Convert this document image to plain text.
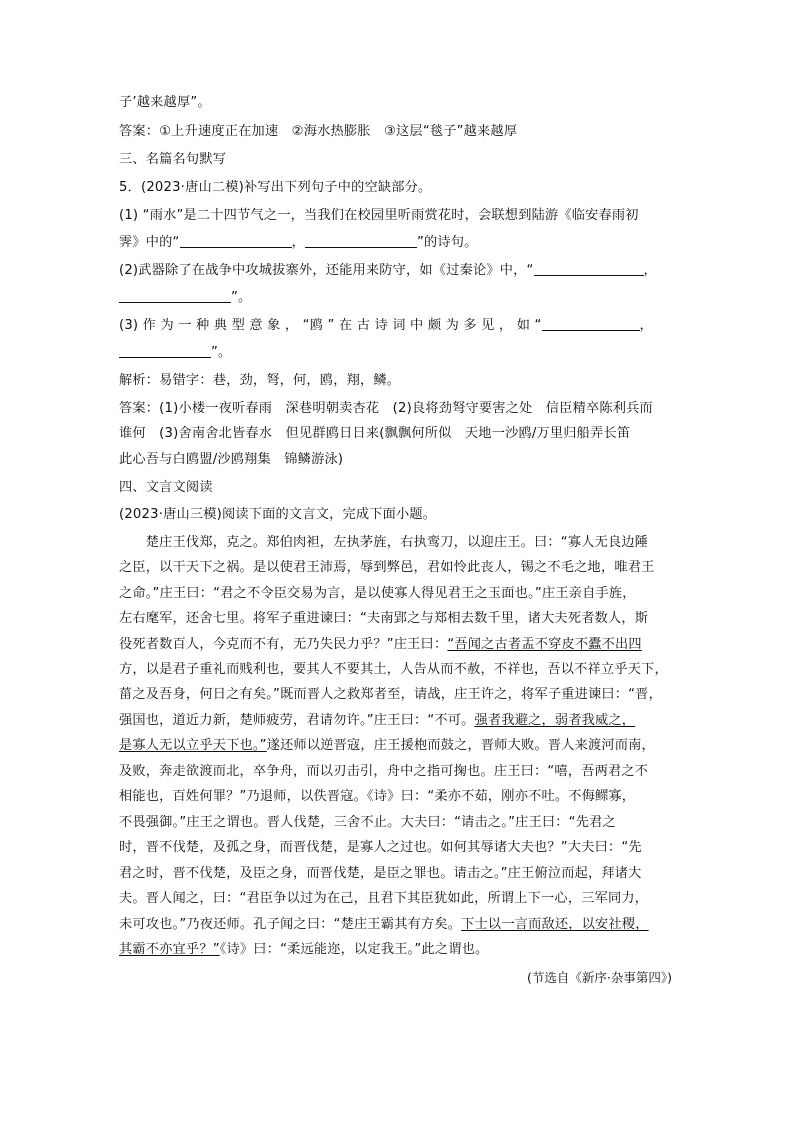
子’越来越厚”。
答案：①上升速度正在加速　②海水热膨胀　③这层“毯子”越来越厚
三、名篇名句默写
5．(2023·唐山二模)补写出下列句子中的空缺部分。
(1) “雨水”是二十四节气之一，当我们在校园里听雨赏花时，会联想到陆游《临安春雨初
霁》中的“	，	”的诗句。
(2)武器除了在战争中攻城拔寨外，还能用来防守，如《过秦论》中，“	，
”。
(3) 作 为 一 种 典 型 意 象 ， “鸥 ” 在 古 诗 词 中 颇 为 多 见 ， 如 “	，
”。
解析：易错字：巷，劲，弩，何，鸥，翔，鳞。
答案：(1)小楼一夜听春雨　深巷明朝卖杏花　(2)良将劲弩守要害之处　信臣精卒陈利兵而
谁何　(3)舍南舍北皆春水　但见群鸥日日来(飘飘何所似　天地一沙鸥/万里归船弄长笛
此心吾与白鸥盟/沙鸥翔集　锦鳞游泳)
四、文言文阅读
(2023·唐山三模)阅读下面的文言文，完成下面小题。
　　楚庄王伐郑，克之。郑伯肉袒，左执茅旌，右执鸾刀，以迎庄王。曰：“寡人无良边陲
之臣，以干天下之祸。是以使君王沛焉，辱到弊邑，君如怜此丧人，锡之不毛之地，唯君王
之命。”庄王曰：“君之不令臣交易为言，是以使寡人得见君王之玉面也。”庄王亲自手旌，
左右麾军，还舍七里。将军子重进谏曰：“夫南郢之与郑相去数千里，诸大夫死者数人，斯
役死者数百人，今克而不有，无乃失民力乎？”庄王曰：“吾闻之古者盂不穿皮不蠹不出四
方，以是君子重礼而贱利也，要其人不要其土，人告从而不赦，不祥也，吾以不祥立乎天下，
菑之及吾身，何日之有矣。”既而晋人之救郑者至，请战，庄王许之，将军子重进谏曰：“晋，
强国也，道近力新，楚师疲劳，君请勿许。”庄王曰：“不可。强者我避之，弱者我威之，
是寡人无以立乎天下也。”遂还师以逆晋寇，庄王援枹而鼓之，晋师大败。晋人来渡河而南，
及败，奔走欲渡而北，卒争舟，而以刃击引，舟中之指可掬也。庄王曰：“嘻，吾两君之不
相能也，百姓何罪？”乃退师，以佚晋寇。《诗》曰：“柔亦不茹，刚亦不吐。不侮鳏寡，
不畏强御。”庄王之谓也。晋人伐楚，三舍不止。大夫曰：“请击之。”庄王曰：“先君之
时，晋不伐楚，及孤之身，而晋伐楚，是寡人之过也。如何其辱诸大夫也？”大夫曰：“先
君之时，晋不伐楚，及臣之身，而晋伐楚，是臣之罪也。请击之。”庄王俯泣而起，拜诸大
夫。晋人闻之，曰：“君臣争以过为在己，且君下其臣犹如此，所谓上下一心，三军同力，
未可攻也。”乃夜还师。孔子闻之曰：“楚庄王霸其有方矣。下士以一言而敌还，以安社稷，
其霸不亦宜乎？”《诗》曰：“柔远能迩，以定我王。”此之谓也。
(节选自《新序·杂事第四》)
